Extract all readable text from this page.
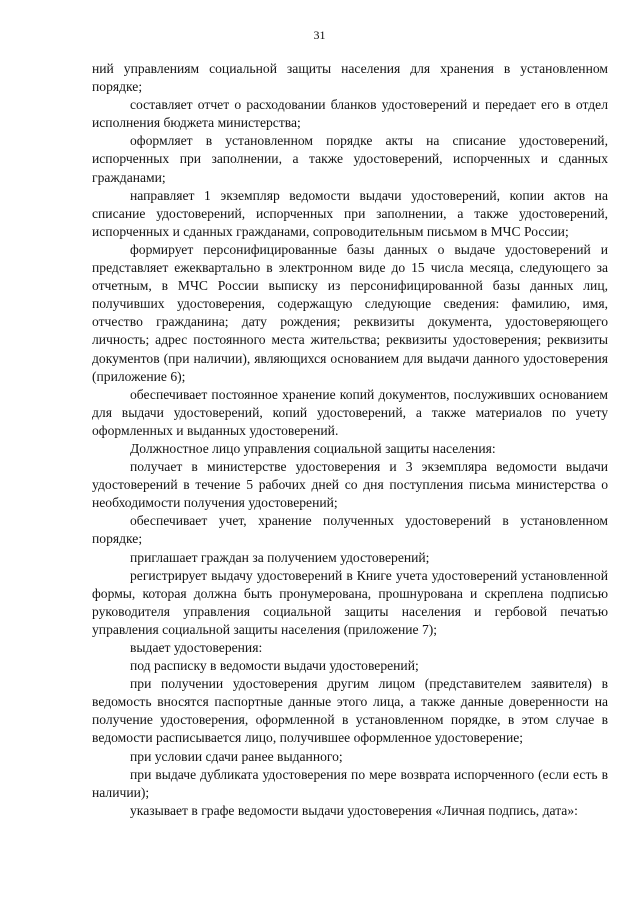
31

ний управлениям социальной защиты населения для хранения в установленном порядке;

составляет отчет о расходовании бланков удостоверений и передает его в отдел исполнения бюджета министерства;

оформляет в установленном порядке акты на списание удостоверений, испорченных при заполнении, а также удостоверений, испорченных и сданных гражданами;

направляет 1 экземпляр ведомости выдачи удостоверений, копии актов на списание удостоверений, испорченных при заполнении, а также удостоверений, испорченных и сданных гражданами, сопроводительным письмом в МЧС России;

формирует персонифицированные базы данных о выдаче удостоверений и представляет ежеквартально в электронном виде до 15 числа месяца, следующего за отчетным, в МЧС России выписку из персонифицированной базы данных лиц, получивших удостоверения, содержащую следующие сведения: фамилию, имя, отчество гражданина; дату рождения; реквизиты документа, удостоверяющего личность; адрес постоянного места жительства; реквизиты удостоверения; реквизиты документов (при наличии), являющихся основанием для выдачи данного удостоверения (приложение 6);

обеспечивает постоянное хранение копий документов, послуживших основанием для выдачи удостоверений, копий удостоверений, а также материалов по учету оформленных и выданных удостоверений.

Должностное лицо управления социальной защиты населения:

получает в министерстве удостоверения и 3 экземпляра ведомости выдачи удостоверений в течение 5 рабочих дней со дня поступления письма министерства о необходимости получения удостоверений;

обеспечивает учет, хранение полученных удостоверений в установленном порядке;

приглашает граждан за получением удостоверений;

регистрирует выдачу удостоверений в Книге учета удостоверений установленной формы, которая должна быть пронумерована, прошнурована и скреплена подписью руководителя управления социальной защиты населения и гербовой печатью управления социальной защиты населения (приложение 7);

выдает удостоверения:

под расписку в ведомости выдачи удостоверений;

при получении удостоверения другим лицом (представителем заявителя) в ведомость вносятся паспортные данные этого лица, а также данные доверенности на получение удостоверения, оформленной в установленном порядке, в этом случае в ведомости расписывается лицо, получившее оформленное удостоверение;

при условии сдачи ранее выданного;

при выдаче дубликата удостоверения по мере возврата испорченного (если есть в наличии);

указывает в графе ведомости выдачи удостоверения «Личная подпись, дата»:
